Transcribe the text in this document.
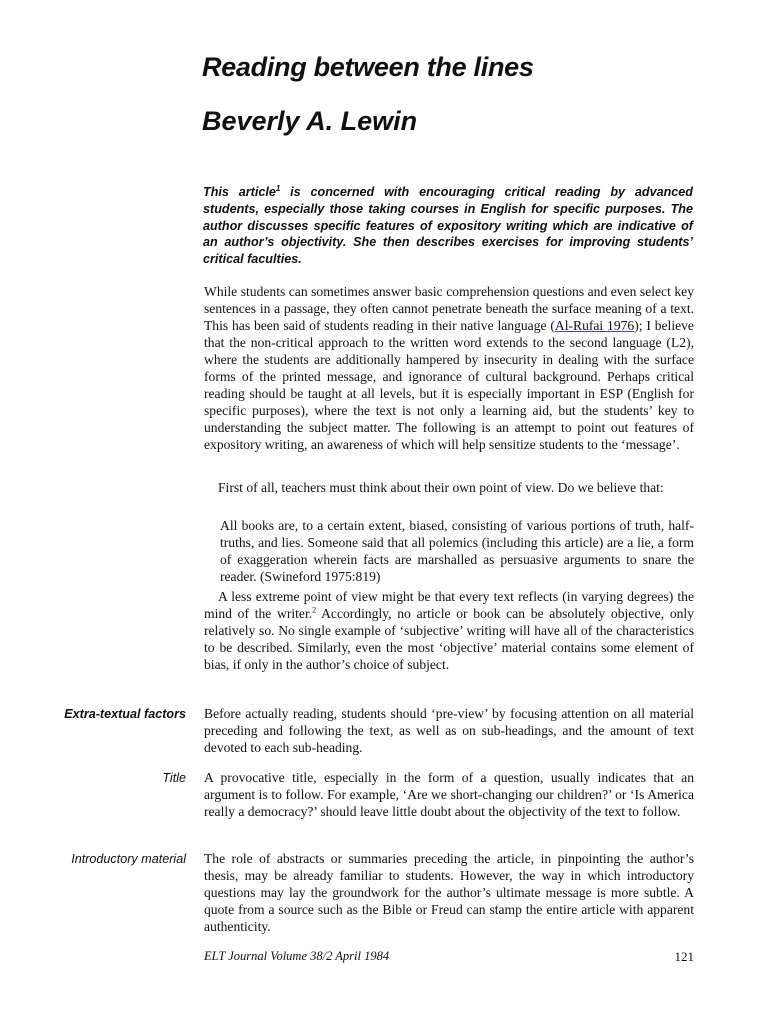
Reading between the lines
Beverly A. Lewin

This article$^1$ is concerned with encouraging critical reading by advanced students, especially those taking courses in English for specific purposes. The author discusses specific features of expository writing which are indicative of an author’s objectivity. She then describes exercises for improving students’ critical faculties.

While students can sometimes answer basic comprehension questions and even select key sentences in a passage, they often cannot penetrate beneath the surface meaning of a text. This has been said of students reading in their native language (Al-Rufai 1976); I believe that the non-critical approach to the written word extends to the second language (L2), where the students are additionally hampered by insecurity in dealing with the surface forms of the printed message, and ignorance of cultural background. Perhaps critical reading should be taught at all levels, but it is especially important in ESP (English for specific purposes), where the text is not only a learning aid, but the students’ key to understanding the subject matter. The following is an attempt to point out features of expository writing, an awareness of which will help sensitize students to the ‘message’.

First of all, teachers must think about their own point of view. Do we believe that:

All books are, to a certain extent, biased, consisting of various portions of truth, half-truths, and lies. Someone said that all polemics (including this article) are a lie, a form of exaggeration wherein facts are marshalled as persuasive arguments to snare the reader. (Swineford 1975:819)

A less extreme point of view might be that every text reflects (in varying degrees) the mind of the writer.$^2$ Accordingly, no article or book can be absolutely objective, only relatively so. No single example of ‘subjective’ writing will have all of the characteristics to be described. Similarly, even the most ‘objective’ material contains some element of bias, if only in the author’s choice of subject.

Extra-textual factors Before actually reading, students should ‘pre-view’ by focusing attention on all material preceding and following the text, as well as on sub-headings, and the amount of text devoted to each sub-heading.

Title A provocative title, especially in the form of a question, usually indicates that an argument is to follow. For example, ‘Are we short-changing our children?’ or ‘Is America really a democracy?’ should leave little doubt about the objectivity of the text to follow.

Introductory material The role of abstracts or summaries preceding the article, in pinpointing the author’s thesis, may be already familiar to students. However, the way in which introductory questions may lay the groundwork for the author’s ultimate message is more subtle. A quote from a source such as the Bible or Freud can stamp the entire article with apparent authenticity.

ELT Journal Volume 38/2 April 1984	121
